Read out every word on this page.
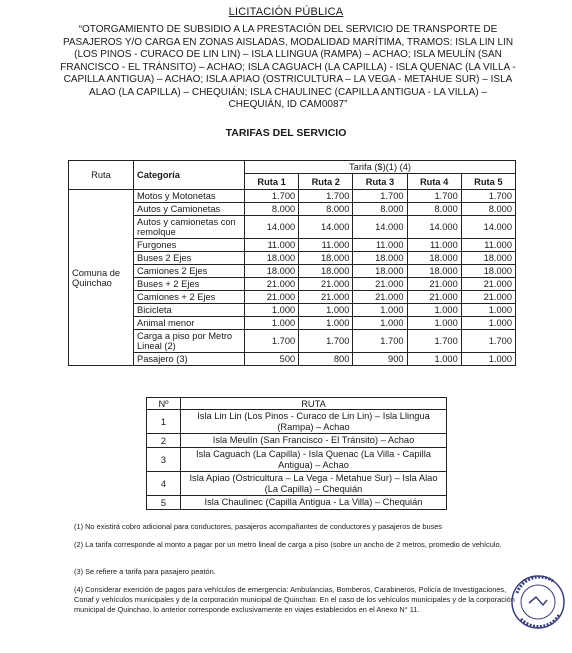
LICITACIÓN PÚBLICA
“OTORGAMIENTO DE SUBSIDIO A LA PRESTACIÓN DEL SERVICIO DE TRANSPORTE DE PASAJEROS Y/O CARGA EN ZONAS AISLADAS, MODALIDAD MARÍTIMA, TRAMOS: ISLA LIN LIN (LOS PINOS - CURACO DE LIN LIN) – ISLA LLINGUA (RAMPA) – ACHAO; ISLA MEULÍN (SAN FRANCISCO - EL TRÁNSITO) – ACHAO; ISLA CAGUACH (LA CAPILLA) - ISLA QUENAC (LA VILLA - CAPILLA ANTIGUA) – ACHAO; ISLA APIAO (OSTRICULTURA – LA VEGA - METAHUE SUR) – ISLA ALAO (LA CAPILLA) – CHEQUIÁN; ISLA CHAULINEC (CAPILLA ANTIGUA - LA VILLA) – CHEQUIÁN, ID CAM0087”
TARIFAS DEL SERVICIO
Ruta	Categoría	Tarifa ($)(1) (4)				
		Ruta 1	Ruta 2	Ruta 3	Ruta 4	Ruta 5
Comuna de Quinchao	Motos y Motonetas	1.700	1.700	1.700	1.700	1.700
	Autos y Camionetas	8.000	8.000	8.000	8.000	8.000
	Autos y camionetas con remolque	14.000	14.000	14.000	14.000	14.000
	Furgones	11.000	11.000	11.000	11.000	11.000
	Buses 2 Ejes	18.000	18.000	18.000	18.000	18.000
	Camiones 2 Ejes	18.000	18.000	18.000	18.000	18.000
	Buses + 2 Ejes	21.000	21.000	21.000	21.000	21.000
	Camiones + 2 Ejes	21.000	21.000	21.000	21.000	21.000
	Bicicleta	1.000	1.000	1.000	1.000	1.000
	Animal menor	1.000	1.000	1.000	1.000	1.000
	Carga a piso por Metro Lineal (2)	1.700	1.700	1.700	1.700	1.700
	Pasajero (3)	500	800	900	1.000	1.000
Nº	RUTA
1	Isla Lin Lin (Los Pinos - Curaco de Lin Lin) – Isla Llingua (Rampa) – Achao
2	Isla Meulín (San Francisco - El Tránsito) – Achao
3	Isla Caguach (La Capilla) - Isla Quenac (La Villa - Capilla Antigua) – Achao
4	Isla Apiao (Ostricultura – La Vega - Metahue Sur) – Isla Alao (La Capilla) – Chequián
5	Isla Chaulinec (Capilla Antigua - La Villa) – Chequián
(1) No existirá cobro adicional para conductores, pasajeros acompañantes de conductores y pasajeros de buses
(2) La tarifa corresponde al monto a pagar por un metro lineal de carga a piso (sobre un ancho de 2 metros, promedio de vehículo.
(3) Se refiere a tarifa para pasajero peatón.
(4) Considerar exención de pagos para vehículos de emergencia: Ambulancias, Bomberos, Carabineros, Policía de Investigaciones, Conaf y vehículos municipales y de la corporación municipal de Quinchao. En el caso de los vehículos municipales y de la corporación municipal de Quinchao, lo anterior corresponde exclusivamente en viajes establecidos en el Anexo N° 11.
